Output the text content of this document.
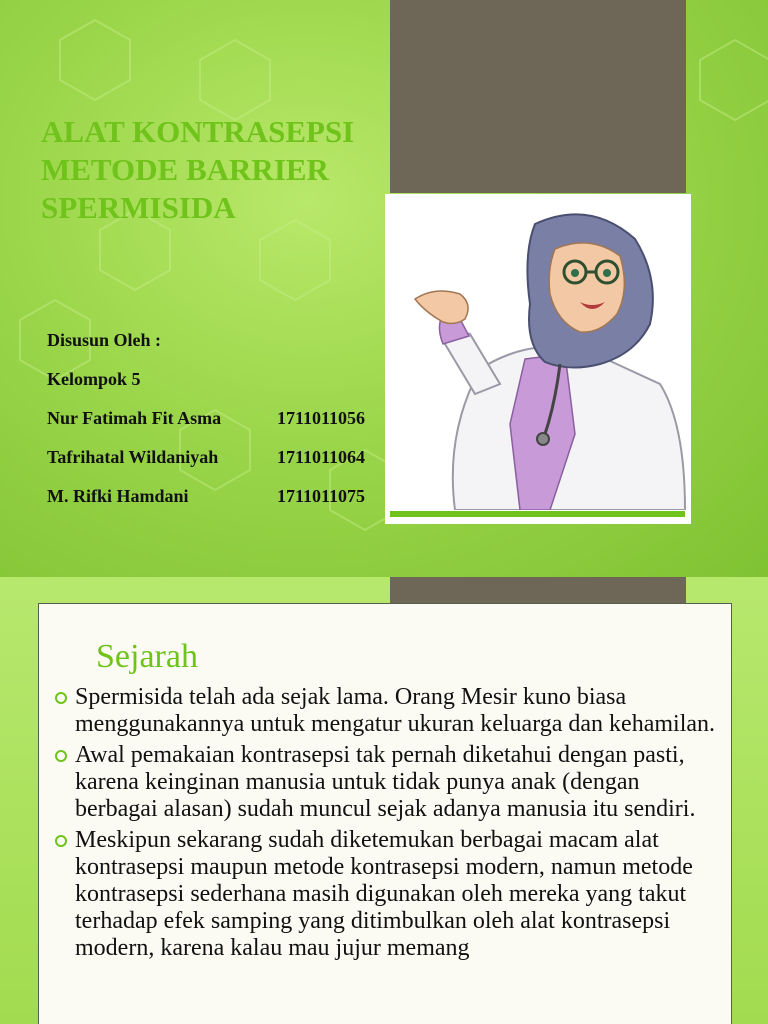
ALAT KONTRASEPSI
METODE BARRIER
SPERMISIDA
Disusun Oleh :
Kelompok 5
Nur Fatimah Fit Asma	1711011056
Tafrihatal Wildaniyah	1711011064
M. Rifki Hamdani	1711011075
Sejarah
Spermisida telah ada sejak lama. Orang Mesir kuno biasa menggunakannya untuk mengatur ukuran keluarga dan kehamilan.
Awal pemakaian kontrasepsi tak pernah diketahui dengan pasti, karena keinginan manusia untuk tidak punya anak (dengan berbagai alasan) sudah muncul sejak adanya manusia itu sendiri.
Meskipun sekarang sudah diketemukan berbagai macam alat kontrasepsi maupun metode kontrasepsi modern, namun metode kontrasepsi sederhana masih digunakan oleh mereka yang takut terhadap efek samping yang ditimbulkan oleh alat kontrasepsi modern, karena kalau mau jujur memang
